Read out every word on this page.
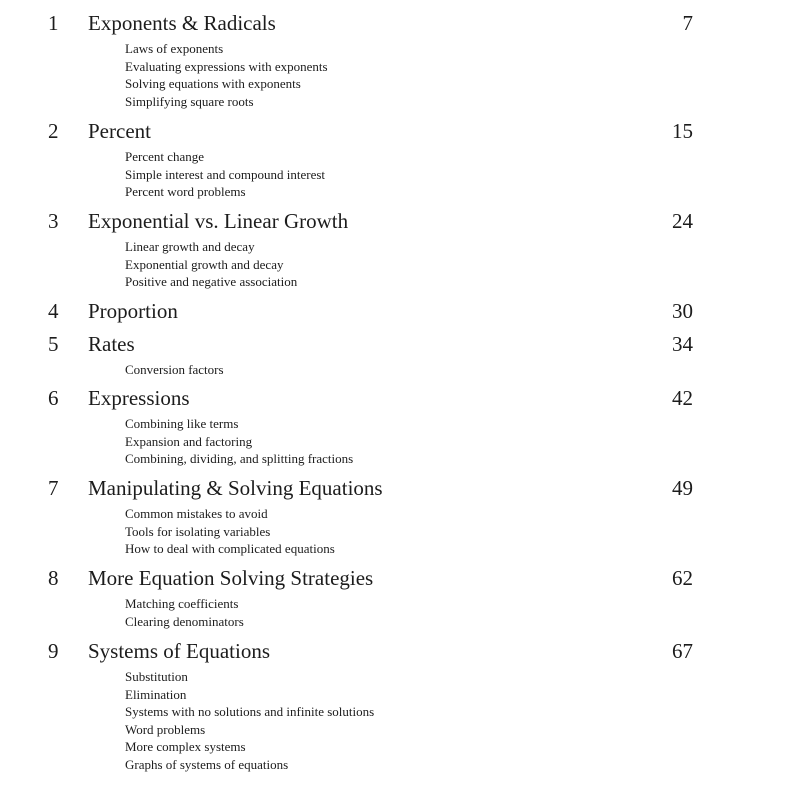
1 Exponents & Radicals	7
Laws of exponents
Evaluating expressions with exponents
Solving equations with exponents
Simplifying square roots
2 Percent	15
Percent change
Simple interest and compound interest
Percent word problems
3 Exponential vs. Linear Growth	24
Linear growth and decay
Exponential growth and decay
Positive and negative association
4 Proportion	30
5 Rates	34
Conversion factors
6 Expressions	42
Combining like terms
Expansion and factoring
Combining, dividing, and splitting fractions
7 Manipulating & Solving Equations	49
Common mistakes to avoid
Tools for isolating variables
How to deal with complicated equations
8 More Equation Solving Strategies	62
Matching coefficients
Clearing denominators
9 Systems of Equations	67
Substitution
Elimination
Systems with no solutions and infinite solutions
Word problems
More complex systems
Graphs of systems of equations
